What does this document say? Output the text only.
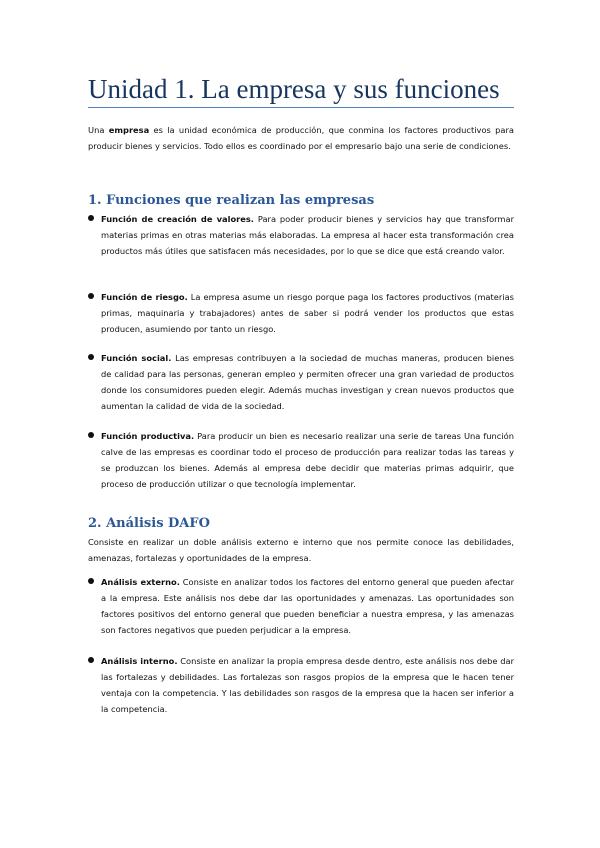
Unidad 1. La empresa y sus funciones
Una empresa es la unidad económica de producción, que conmina los factores productivos para producir bienes y servicios. Todo ellos es coordinado por el empresario bajo una serie de condiciones.
1. Funciones que realizan las empresas
Función de creación de valores. Para poder producir bienes y servicios hay que transformar materias primas en otras materias más elaboradas. La empresa al hacer esta transformación crea productos más útiles que satisfacen más necesidades, por lo que se dice que está creando valor.
Función de riesgo. La empresa asume un riesgo porque paga los factores productivos (materias primas, maquinaria y trabajadores) antes de saber si podrá vender los productos que estas producen, asumiendo por tanto un riesgo.
Función social. Las empresas contribuyen a la sociedad de muchas maneras, producen bienes de calidad para las personas, generan empleo y permiten ofrecer una gran variedad de productos donde los consumidores pueden elegir. Además muchas investigan y crean nuevos productos que aumentan la calidad de vida de la sociedad.
Función productiva. Para producir un bien es necesario realizar una serie de tareas Una función calve de las empresas es coordinar todo el proceso de producción para realizar todas las tareas y se produzcan los bienes. Además al empresa debe decidir que materias primas adquirir, que proceso de producción utilizar o que tecnología implementar.
2. Análisis DAFO
Consiste en realizar un doble análisis externo e interno que nos permite conoce las debilidades, amenazas, fortalezas y oportunidades de la empresa.
Análisis externo. Consiste en analizar todos los factores del entorno general que pueden afectar a la empresa. Este análisis nos debe dar las oportunidades y amenazas. Las oportunidades son factores positivos del entorno general que pueden beneficiar a nuestra empresa, y las amenazas son factores negativos que pueden perjudicar a la empresa.
Análisis interno. Consiste en analizar la propia empresa desde dentro, este análisis nos debe dar las fortalezas y debilidades. Las fortalezas son rasgos propios de la empresa que le hacen tener ventaja con la competencia. Y las debilidades son rasgos de la empresa que la hacen ser inferior a la competencia.
